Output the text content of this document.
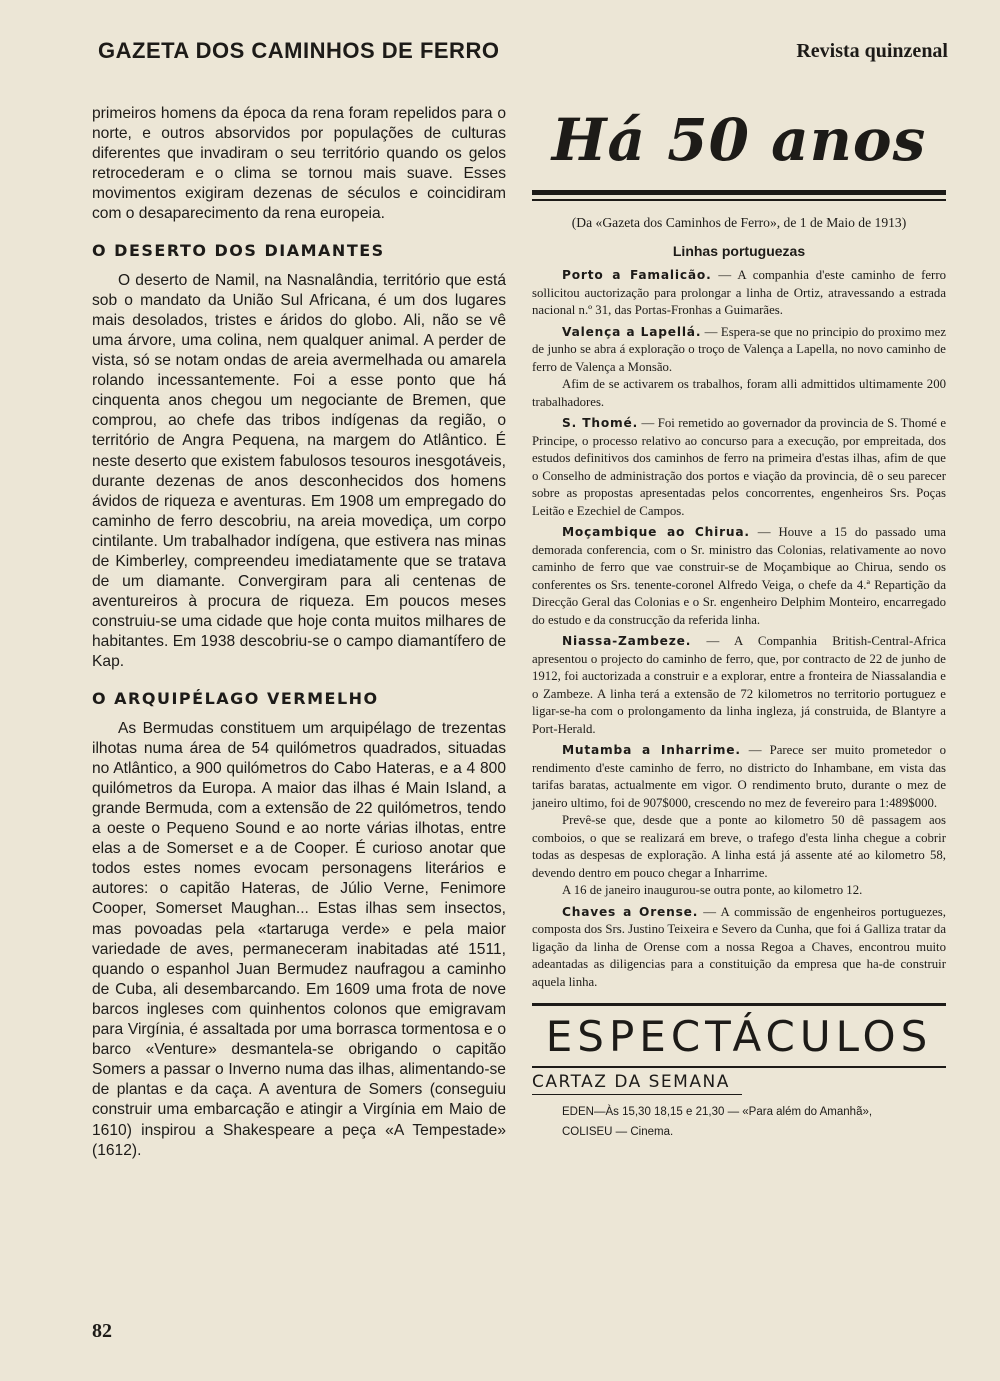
GAZETA DOS CAMINHOS DE FERRO	Revista quinzenal

primeiros homens da época da rena foram repelidos para o norte, e outros absorvidos por populações de culturas diferentes que invadiram o seu território quando os gelos retrocederam e o clima se tornou mais suave. Esses movimentos exigiram dezenas de séculos e coincidiram com o desaparecimento da rena europeia.

O DESERTO DOS DIAMANTES

O deserto de Namil, na Nasnalândia, território que está sob o mandato da União Sul Africana, é um dos lugares mais desolados, tristes e áridos do globo. Ali, não se vê uma árvore, uma colina, nem qualquer animal. A perder de vista, só se notam ondas de areia avermelhada ou amarela rolando incessantemente. Foi a esse ponto que há cinquenta anos chegou um negociante de Bremen, que comprou, ao chefe das tribos indígenas da região, o território de Angra Pequena, na margem do Atlântico. É neste deserto que existem fabulosos tesouros inesgotáveis, durante dezenas de anos desconhecidos dos homens ávidos de riqueza e aventuras. Em 1908 um empregado do caminho de ferro descobriu, na areia movediça, um corpo cintilante. Um trabalhador indígena, que estivera nas minas de Kimberley, compreendeu imediatamente que se tratava de um diamante. Convergiram para ali centenas de aventureiros à procura de riqueza. Em poucos meses construiu-se uma cidade que hoje conta muitos milhares de habitantes. Em 1938 descobriu-se o campo diamantífero de Kap.

O ARQUIPÉLAGO VERMELHO

As Bermudas constituem um arquipélago de trezentas ilhotas numa área de 54 quilómetros quadrados, situadas no Atlântico, a 900 quilómetros do Cabo Hateras, e a 4 800 quilómetros da Europa. A maior das ilhas é Main Island, a grande Bermuda, com a extensão de 22 quilómetros, tendo a oeste o Pequeno Sound e ao norte várias ilhotas, entre elas a de Somerset e a de Cooper. É curioso anotar que todos estes nomes evocam personagens literários e autores: o capitão Hateras, de Júlio Verne, Fenimore Cooper, Somerset Maughan... Estas ilhas sem insectos, mas povoadas pela «tartaruga verde» e pela maior variedade de aves, permaneceram inabitadas até 1511, quando o espanhol Juan Bermudez naufragou a caminho de Cuba, ali desembarcando. Em 1609 uma frota de nove barcos ingleses com quinhentos colonos que emigravam para Virgínia, é assaltada por uma borrasca tormentosa e o barco «Venture» desmantela-se obrigando o capitão Somers a passar o Inverno numa das ilhas, alimentando-se de plantas e da caça. A aventura de Somers (conseguiu construir uma embarcação e atingir a Virgínia em Maio de 1610) inspirou a Shakespeare a peça «A Tempestade» (1612).

Há 50 anos
(Da «Gazeta dos Caminhos de Ferro», de 1 de Maio de 1913)
Linhas portuguezas

Porto a Famalicão. — A companhia d'este caminho de ferro sollicitou auctorização para prolongar a linha de Ortiz, atravessando a estrada nacional n.º 31, das Portas-Fronhas a Guimarães.

Valença a Lapellá. — Espera-se que no principio do proximo mez de junho se abra á exploração o troço de Valença a Lapella, no novo caminho de ferro de Valença a Monsão.

Afim de se activarem os trabalhos, foram alli admittidos ultimamente 200 trabalhadores.

S. Thomé. — Foi remetido ao governador da provincia de S. Thomé e Principe, o processo relativo ao concurso para a execução, por empreitada, dos estudos definitivos dos caminhos de ferro na primeira d'estas ilhas, afim de que o Conselho de administração dos portos e viação da provincia, dê o seu parecer sobre as propostas apresentadas pelos concorrentes, engenheiros Srs. Poças Leitão e Ezechiel de Campos.

Moçambique ao Chirua. — Houve a 15 do passado uma demorada conferencia, com o Sr. ministro das Colonias, relativamente ao novo caminho de ferro que vae construir-se de Moçambique ao Chirua, sendo os conferentes os Srs. tenente-coronel Alfredo Veiga, o chefe da 4.ª Repartição da Direcção Geral das Colonias e o Sr. engenheiro Delphim Monteiro, encarregado do estudo e da construcção da referida linha.

Niassa-Zambeze. — A Companhia British-Central-Africa apresentou o projecto do caminho de ferro, que, por contracto de 22 de junho de 1912, foi auctorizada a construir e a explorar, entre a fronteira de Niassalandia e o Zambeze. A linha terá a extensão de 72 kilometros no territorio portuguez e ligar-se-ha com o prolongamento da linha ingleza, já construida, de Blantyre a Port-Herald.

Mutamba a Inharrime. — Parece ser muito prometedor o rendimento d'este caminho de ferro, no districto do Inhambane, em vista das tarifas baratas, actualmente em vigor. O rendimento bruto, durante o mez de janeiro ultimo, foi de 907$000, crescendo no mez de fevereiro para 1:489$000.

Prevê-se que, desde que a ponte ao kilometro 50 dê passagem aos comboios, o que se realizará em breve, o trafego d'esta linha chegue a cobrir todas as despesas de exploração. A linha está já assente até ao kilometro 58, devendo dentro em pouco chegar a Inharrime.

A 16 de janeiro inaugurou-se outra ponte, ao kilometro 12.

Chaves a Orense. — A commissão de engenheiros portuguezes, composta dos Srs. Justino Teixeira e Severo da Cunha, que foi á Galliza tratar da ligação da linha de Orense com a nossa Regoa a Chaves, encontrou muito adeantadas as diligencias para a constituição da empresa que ha-de construir aquela linha.

ESPECTÁCULOS
CARTAZ DA SEMANA
EDEN—Às 15,30 18,15 e 21,30 — «Para além do Amanhã»,
COLISEU — Cinema.
82
